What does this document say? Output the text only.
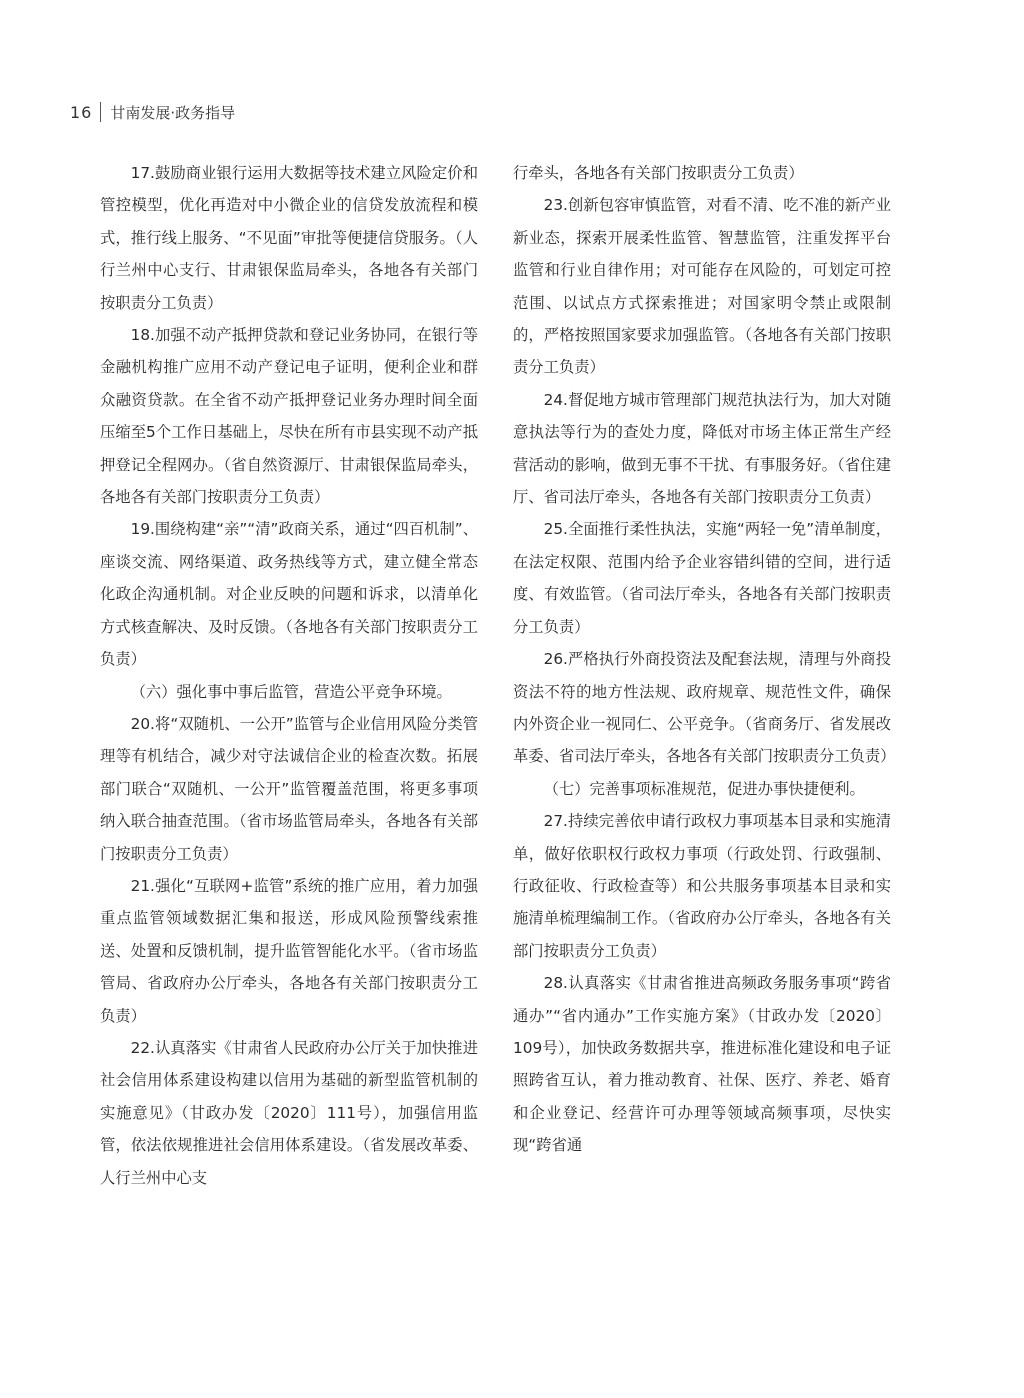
16 甘南发展·政务指导

17.鼓励商业银行运用大数据等技术建立风险定价和管控模型，优化再造对中小微企业的信贷发放流程和模式，推行线上服务、“不见面”审批等便捷信贷服务。（人行兰州中心支行、甘肃银保监局牵头，各地各有关部门按职责分工负责）

18.加强不动产抵押贷款和登记业务协同，在银行等金融机构推广应用不动产登记电子证明，便利企业和群众融资贷款。在全省不动产抵押登记业务办理时间全面压缩至5个工作日基础上，尽快在所有市县实现不动产抵押登记全程网办。（省自然资源厅、甘肃银保监局牵头，各地各有关部门按职责分工负责）

19.围绕构建“亲”“清”政商关系，通过“四百机制”、座谈交流、网络渠道、政务热线等方式，建立健全常态化政企沟通机制。对企业反映的问题和诉求，以清单化方式核查解决、及时反馈。（各地各有关部门按职责分工负责）

（六）强化事中事后监管，营造公平竞争环境。

20.将“双随机、一公开”监管与企业信用风险分类管理等有机结合，减少对守法诚信企业的检查次数。拓展部门联合“双随机、一公开”监管覆盖范围，将更多事项纳入联合抽查范围。（省市场监管局牵头，各地各有关部门按职责分工负责）

21.强化“互联网+监管”系统的推广应用，着力加强重点监管领域数据汇集和报送，形成风险预警线索推送、处置和反馈机制，提升监管智能化水平。（省市场监管局、省政府办公厅牵头，各地各有关部门按职责分工负责）

22.认真落实《甘肃省人民政府办公厅关于加快推进社会信用体系建设构建以信用为基础的新型监管机制的实施意见》（甘政办发〔2020〕111号），加强信用监管，依法依规推进社会信用体系建设。（省发展改革委、人行兰州中心支

行牵头，各地各有关部门按职责分工负责）

23.创新包容审慎监管，对看不清、吃不准的新产业新业态，探索开展柔性监管、智慧监管，注重发挥平台监管和行业自律作用；对可能存在风险的，可划定可控范围、以试点方式探索推进；对国家明令禁止或限制的，严格按照国家要求加强监管。（各地各有关部门按职责分工负责）

24.督促地方城市管理部门规范执法行为，加大对随意执法等行为的查处力度，降低对市场主体正常生产经营活动的影响，做到无事不干扰、有事服务好。（省住建厅、省司法厅牵头，各地各有关部门按职责分工负责）

25.全面推行柔性执法，实施“两轻一免”清单制度，在法定权限、范围内给予企业容错纠错的空间，进行适度、有效监管。（省司法厅牵头，各地各有关部门按职责分工负责）

26.严格执行外商投资法及配套法规，清理与外商投资法不符的地方性法规、政府规章、规范性文件，确保内外资企业一视同仁、公平竞争。（省商务厅、省发展改革委、省司法厅牵头，各地各有关部门按职责分工负责）

（七）完善事项标准规范，促进办事快捷便利。

27.持续完善依申请行政权力事项基本目录和实施清单，做好依职权行政权力事项（行政处罚、行政强制、行政征收、行政检查等）和公共服务事项基本目录和实施清单梳理编制工作。（省政府办公厅牵头，各地各有关部门按职责分工负责）

28.认真落实《甘肃省推进高频政务服务事项“跨省通办”“省内通办”工作实施方案》（甘政办发〔2020〕109号），加快政务数据共享，推进标准化建设和电子证照跨省互认，着力推动教育、社保、医疗、养老、婚育和企业登记、经营许可办理等领域高频事项，尽快实现“跨省通
